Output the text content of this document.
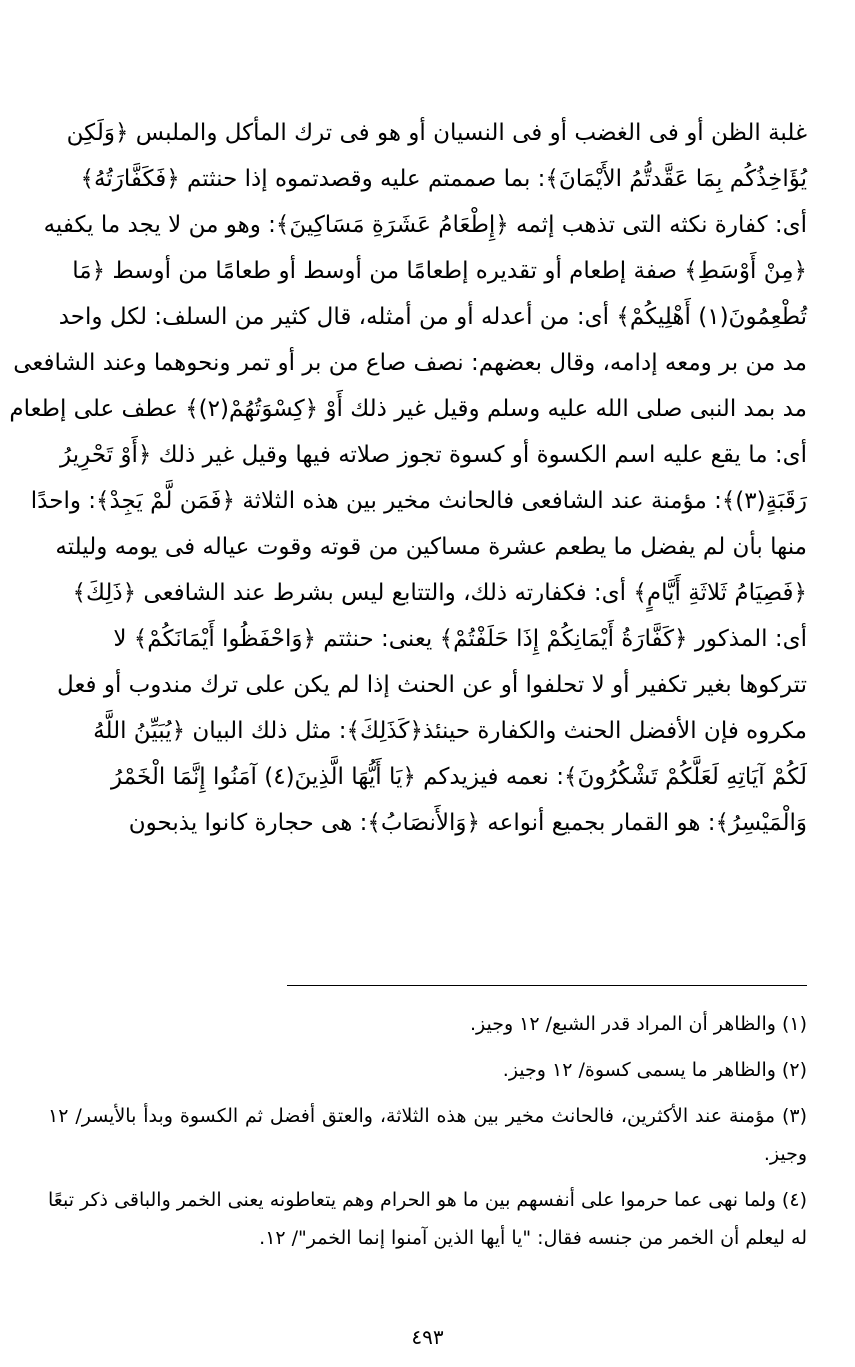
غلبة الظن أو فى الغضب أو فى النسيان أو هو فى ترك المأكل والملبس ﴿وَلَكِن
يُؤَاخِذُكُم بِمَا عَقَّدتُّمُ الأَيْمَانَ﴾: بما صممتم عليه وقصدتموه إذا حنثتم ﴿فَكَفَّارَتُهُ﴾
أى: كفارة نكثه التى تذهب إثمه ﴿إِطْعَامُ عَشَرَةِ مَسَاكِينَ﴾: وهو من لا يجد ما يكفيه
﴿مِنْ أَوْسَطِ﴾ صفة إطعام أو تقديره إطعامًا من أوسط أو طعامًا من أوسط ﴿مَا
تُطْعِمُونَ(١) أَهْلِيكُمْ﴾ أى: من أعدله أو من أمثله، قال كثير من السلف: لكل واحد
مد من بر ومعه إدامه، وقال بعضهم: نصف صاع من بر أو تمر ونحوهما وعند الشافعى
مد بمد النبى صلى الله عليه وسلم وقيل غير ذلك أَوْ ﴿كِسْوَتُهُمْ(٢)﴾ عطف على إطعام
أى: ما يقع عليه اسم الكسوة أو كسوة تجوز صلاته فيها وقيل غير ذلك ﴿أَوْ تَحْرِيرُ
رَقَبَةٍ(٣)﴾: مؤمنة عند الشافعى فالحانث مخير بين هذه الثلاثة ﴿فَمَن لَّمْ يَجِدْ﴾: واحدًا
منها بأن لم يفضل ما يطعم عشرة مساكين من قوته وقوت عياله فى يومه وليلته
﴿فَصِيَامُ ثَلاثَةِ أَيَّامٍ﴾ أى: فكفارته ذلك، والتتابع ليس بشرط عند الشافعى ﴿ذَلِكَ﴾
أى: المذكور ﴿كَفَّارَةُ أَيْمَانِكُمْ إِذَا حَلَفْتُمْ﴾ يعنى: حنثتم ﴿وَاحْفَظُوا أَيْمَانَكُمْ﴾ لا
تتركوها بغير تكفير أو لا تحلفوا أو عن الحنث إذا لم يكن على ترك مندوب أو فعل
مكروه فإن الأفضل الحنث والكفارة حينئذ﴿كَذَلِكَ﴾: مثل ذلك البيان ﴿يُبَيِّنُ اللَّهُ
لَكُمْ آيَاتِهِ لَعَلَّكُمْ تَشْكُرُونَ﴾: نعمه فيزيدكم ﴿يَا أَيُّهَا الَّذِينَ(٤) آمَنُوا إِنَّمَا الْخَمْرُ
وَالْمَيْسِرُ﴾: هو القمار بجميع أنواعه ﴿وَالأَنصَابُ﴾: هى حجارة كانوا يذبحون
(١) والظاهر أن المراد قدر الشبع/ ١٢ وجيز.
(٢) والظاهر ما يسمى كسوة/ ١٢ وجيز.
(٣) مؤمنة عند الأكثرين، فالحانث مخير بين هذه الثلاثة، والعتق أفضل ثم الكسوة وبدأ بالأيسر/ ١٢ وجيز.
(٤) ولما نهى عما حرموا على أنفسهم بين ما هو الحرام وهم يتعاطونه يعنى الخمر والباقى ذكر تبعًا له ليعلم أن الخمر من جنسه فقال: "يا أيها الذين آمنوا إنما الخمر"/ ١٢.
٤٩٣
